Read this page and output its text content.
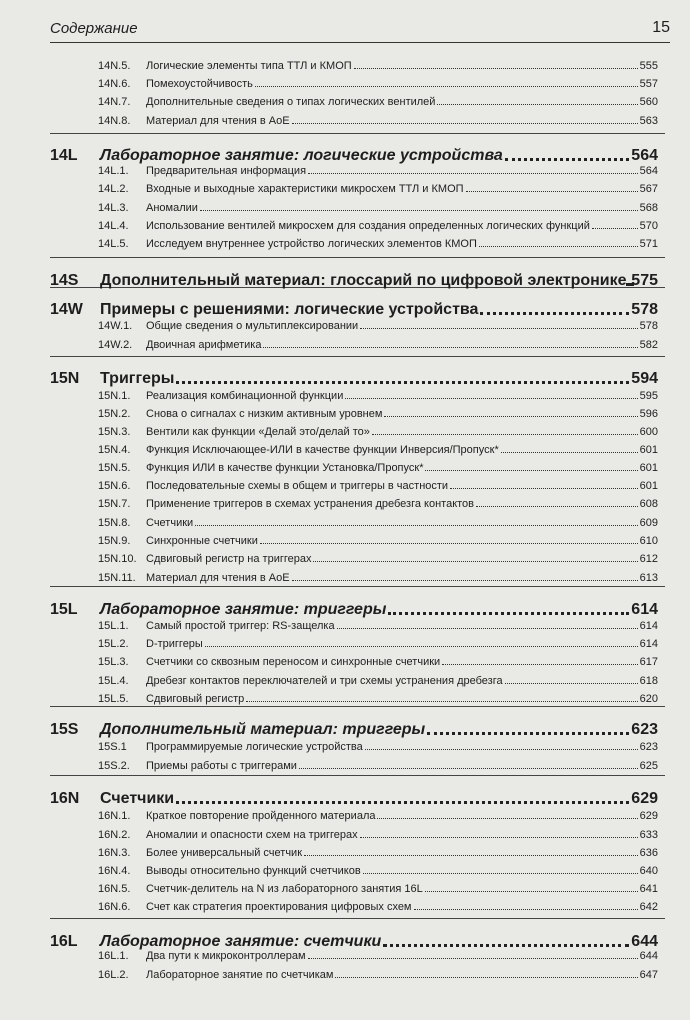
Содержание	15
14N.5.	Логические элементы типа ТТЛ и КМОП	555
14N.6.	Помехоустойчивость	557
14N.7.	Дополнительные сведения о типах логических вентилей	560
14N.8.	Материал для чтения в AoE	563
14L	Лабораторное занятие: логические устройства	564
14L.1.	Предварительная информация	564
14L.2.	Входные и выходные характеристики микросхем ТТЛ и КМОП	567
14L.3.	Аномалии	568
14L.4.	Использование вентилей микросхем для создания определенных логических функций	570
14L.5.	Исследуем внутреннее устройство логических элементов КМОП	571
14S	Дополнительный материал: глоссарий по цифровой электронике 575
14W	Примеры с решениями: логические устройства	578
14W.1.	Общие сведения о мультиплексировании	578
14W.2.	Двоичная арифметика	582
15N	Триггеры	594
15N.1.	Реализация комбинационной функции	595
15N.2.	Снова о сигналах с низким активным уровнем	596
15N.3.	Вентили как функции «Делай это/делай то»	600
15N.4.	Функция Исключающее-ИЛИ в качестве функции Инверсия/Пропуск*	601
15N.5.	Функция ИЛИ в качестве функции Установка/Пропуск*	601
15N.6.	Последовательные схемы в общем и триггеры в частности	601
15N.7.	Применение триггеров в схемах устранения дребезга контактов	608
15N.8.	Счетчики	609
15N.9.	Синхронные счетчики	610
15N.10. Сдвиговый регистр на триггерах	612
15N.11. Материал для чтения в AoE	613
15L	Лабораторное занятие: триггеры	614
15L.1.	Самый простой триггер: RS-защелка	614
15L.2.	D-триггеры	614
15L.3.	Счетчики со сквозным переносом и синхронные счетчики	617
15L.4.	Дребезг контактов переключателей и три схемы устранения дребезга	618
15L.5.	Сдвиговый регистр	620
15S	Дополнительный материал: триггеры	623
15S.1	Программируемые логические устройства	623
15S.2.	Приемы работы с триггерами	625
16N	Счетчики	629
16N.1.	Краткое повторение пройденного материала	629
16N.2.	Аномалии и опасности схем на триггерах	633
16N.3.	Более универсальный счетчик	636
16N.4.	Выводы относительно функций счетчиков	640
16N.5.	Счетчик-делитель на N из лабораторного занятия 16L	641
16N.6.	Счет как стратегия проектирования цифровых схем	642
16L	Лабораторное занятие: счетчики	644
16L.1.	Два пути к микроконтроллерам	644
16L.2.	Лабораторное занятие по счетчикам	647
